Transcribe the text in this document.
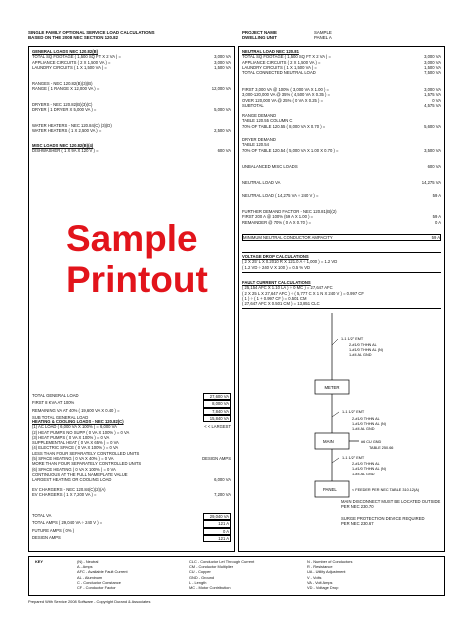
SINGLE FAMILY OPTIONAL SERVICE LOAD CALCULATIONS
BASED ON THE 2008 NEC SECTION 120.82
PROJECT NAME
DWELLING UNIT
SAMPLE
PANEL A
GENERAL LOADS NEC 120.82(B)
TOTAL SQ FOOTAGE ( 1,500 SQ FT X 2 VA ) =	3,000 VA
APPLIANCE CIRCUITS ( 2 X 1,500 VA ) =	3,000 VA
LAUNDRY CIRCUITS ( 1 X 1,500 VA ) =	1,500 VA
RANGES - NEC 120.82(B)(3)(B)
RANGE ( 1 RANGE X 12,000 VA ) =	12,000 VA
DRYERS - NEC 120.82(B)(3)(C)
DRYER ( 1 DRYER X 5,000 VA ) =	5,000 VA
WATER HEATERS - NEC 120.84(C) (3)(D)
WATER HEATERS ( 1 X 2,500 VA ) =	2,500 VA
MISC LOADS NEC 120.82(B)(4)
DISHWASHER ( 1 X 9A X 120 V ) =	600 VA
TOTAL GENERAL LOAD	27,600 VA
FIRST 8 KVA AT 100%	8,000 VA
REMAINING VA AT 40% ( 19,600 VA X 0.40 ) =	7,840 VA
SUB TOTAL GENERAL LOAD	15,840 VA
HEATING & COOLING LOADS - NEC 120.82(C)
(1) AC LOAD ( 6,000 VA X 100% ) = 6,000 VA	< < LARGEST
(2) HEAT PUMPS NO SUPP ( 0 VA X 100% ) = 0 VA
(3) HEAT PUMPS ( 0 VA X 100% ) = 0 VA
SUPPLEMENTAL HEAT ( 0 VA X 65% ) = 0 VA
(4) ELECTRIC SPACE ( 0 VA X 100% ) = 0 VA
LESS THAN FOUR SEPARATELY CONTROLLED UNITS
(5) SPACE HEATING ( 0 VA X 40% ) = 0 VA	DESIGN AMPS
MORE THAN FOUR SEPARATELY CONTROLLED UNITS
(6) SPACE HEATING ( 0 VA X 100% ) = 0 VA
CONTINUOUS AT THE FULL NAMEPLATE VALUE
LARGEST HEATING OR COOLING LOAD	6,000 VA
EV CHARGERS - NEC 120.84(C)(2)(A)
EV CHARGERS ( 1 X 7,200 VA ) =	7,200 VA
TOTAL VA	29,040 VA
TOTAL AMPS ( 29,040 VA ÷ 240 V ) =	121 A
FUTURE AMPS ( 0% )	0 A
DESIGN AMPS	121 A
NEUTRAL LOAD NEC 120.81
TOTAL SQ FOOTAGE ( 1,500 SQ FT X 2 VA ) =	3,000 VA
APPLIANCE CIRCUITS ( 2 X 1,500 VA ) =	3,000 VA
LAUNDRY CIRCUITS ( 1 X 1,500 VA ) =	1,500 VA
TOTAL CONNECTED NEUTRAL LOAD	7,500 VA
FIRST 3,000 VA @ 100% ( 3,000 VA X 1.00 ) =	3,000 VA
3,000-120,000 VA @ 35% ( 4,500 VA X 0.35 ) =	1,575 VA
OVER 120,000 VA @ 25% ( 0 VA X 0.25 ) =	0 VA
SUBTOTAL	4,575 VA
RANGE DEMAND
TABLE 120.55 COLUMN C
70% OF TABLE 120.55 ( 8,000 VA X 0.70 ) =	5,600 VA
DRYER DEMAND
TABLE 120.54
70% OF TABLE 120.54 ( 5,000 VA X 1.00 X 0.70 ) =	3,500 VA
UNBALANCED MISC LOADS	600 VA
NEUTRAL LOAD VA	14,275 VA
NEUTRAL LOAD ( 14,275 VA ÷ 240 V ) =	59 A
FURTHER DEMAND FACTOR - NEC 120.81(B)(2)
FIRST 200 A @ 100% (59 A X 1.00 ) =	59 A
REMAINDER @ 70% ( 0 A X 0.70 ) =	0 A
MINIMUM NEUTRAL CONDUCTOR AMPACITY	59 A
VOLTAGE DROP CALCULATIONS
( 2 X 25' L X 0.2010 R X 121.0 A ÷ 1,000 ) = 1.2 VD
( 1.2 VD ÷ 240 V X 100 ) = 0.5 % VD
FAULT CURRENT CALCULATIONS
( 25,154 AFC X 1.10 LA ) ÷ 0 MC ) = 27,647 AFC
( 2 X 25 L X 27,647 AFC ) ÷ ( 5,777 C X 1 N X 240 V ) = 0.997 CF
( 1 ) ÷ ( 1 + 0.997 CF ) = 0.501 CM
( 27,647 AFC X 0.501 CM ) = 13,851 CLC
METER
MAIN
1-1 1/2" EMT
2-#1/0 THHN AL
1-#1/0 THHN AL (N)
1-#4 AL GND
1-1 1/2" EMT
2-#1/0 THHN AL
1-#1/0 THHN AL (N)
1-#4 AL GND
#6 CU GND
TABLE 250.66
1-1 1/2" EMT
2-#1/0 THHN AL
1-#1/0 THHN AL (N)
1-#4 AL GND
PANEL	< FEEDER PER NEC TABLE 310.12(A)
MAIN DISCONNECT MUST BE LOCATED OUTSIDE
PER NEC 230.70
SURGE PROTECTION DEVICE REQUIRED
PER NEC 230.67
Sample
Printout
KEY	(N) - Neutral
A - Amps
AFC - Available Fault Current
AL - Aluminum
C - Conductor Constance
CF - Conductor Factor
CLC - Conductor Let Through Current
CM - Conductor Multiplier
CU - Copper
GND - Ground
L - Length
MC - Motor Contribution
N - Number of Conductors
R - Resistance
UA - Utility Adjustment
V - Volts
VA - Volt Amps
VD - Voltage Drop
Prepared With Service 2008 Software - Copyright Durand & Associates
